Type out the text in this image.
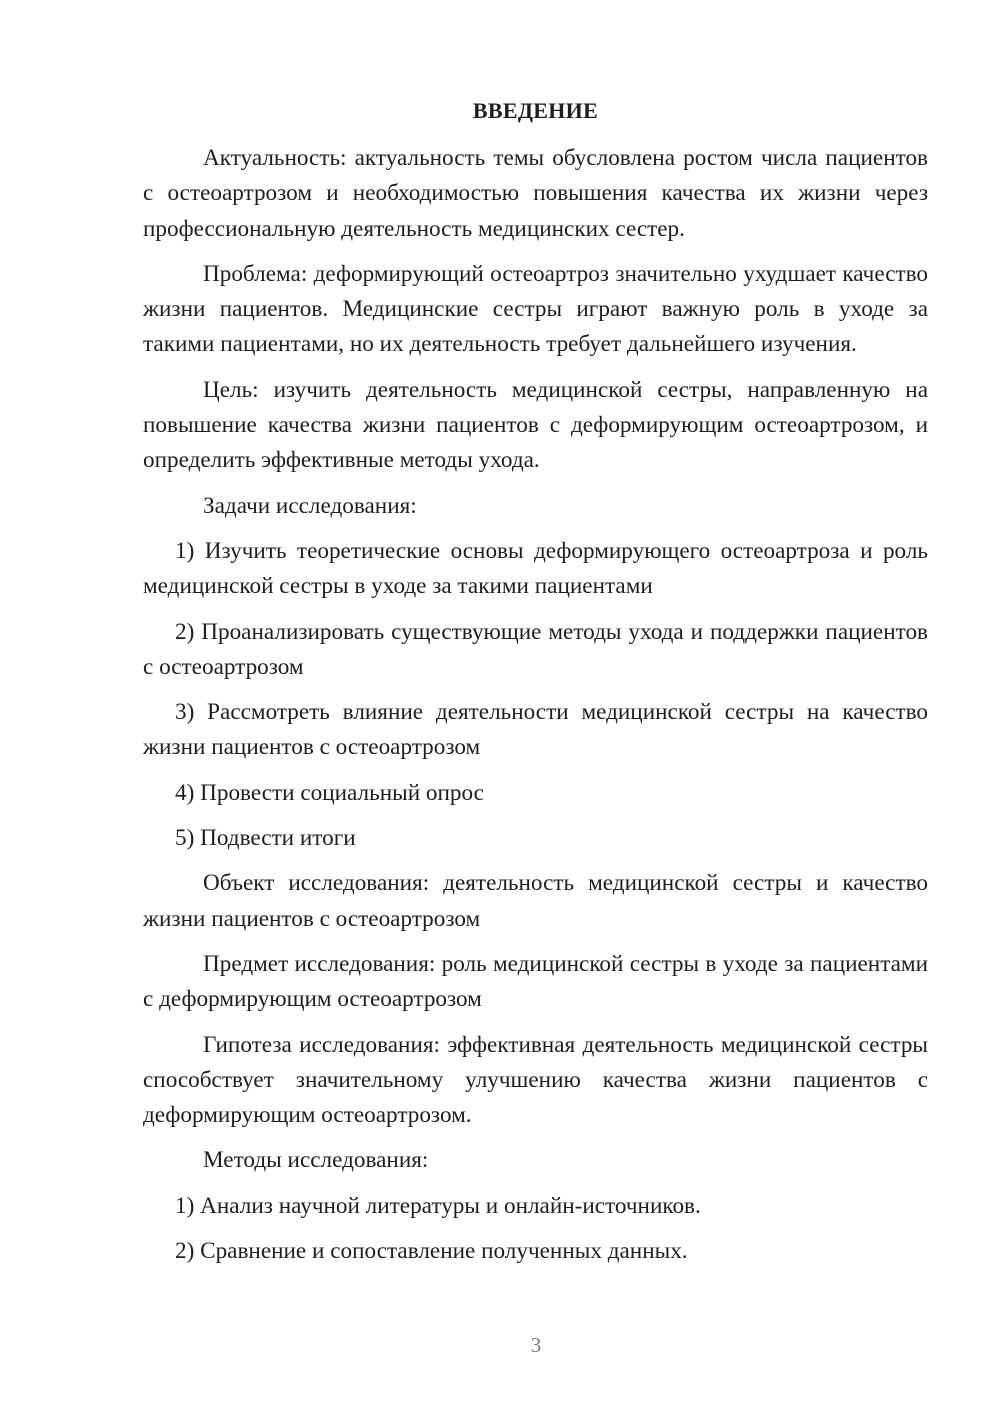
ВВЕДЕНИЕ

Актуальность: актуальность темы обусловлена ростом числа пациентов с остеоартрозом и необходимостью повышения качества их жизни через профессиональную деятельность медицинских сестер.

Проблема: деформирующий остеоартроз значительно ухудшает качество жизни пациентов. Медицинские сестры играют важную роль в уходе за такими пациентами, но их деятельность требует дальнейшего изучения.

Цель: изучить деятельность медицинской сестры, направленную на повышение качества жизни пациентов с деформирующим остеоартрозом, и определить эффективные методы ухода.

Задачи исследования:

1) Изучить теоретические основы деформирующего остеоартроза и роль медицинской сестры в уходе за такими пациентами

2) Проанализировать существующие методы ухода и поддержки пациентов с остеоартрозом

3) Рассмотреть влияние деятельности медицинской сестры на качество жизни пациентов с остеоартрозом

4) Провести социальный опрос

5) Подвести итоги

Объект исследования: деятельность медицинской сестры и качество жизни пациентов с остеоартрозом

Предмет исследования: роль медицинской сестры в уходе за пациентами с деформирующим остеоартрозом

Гипотеза исследования: эффективная деятельность медицинской сестры способствует значительному улучшению качества жизни пациентов с деформирующим остеоартрозом.

Методы исследования:

1) Анализ научной литературы и онлайн-источников.

2) Сравнение и сопоставление полученных данных.

3
